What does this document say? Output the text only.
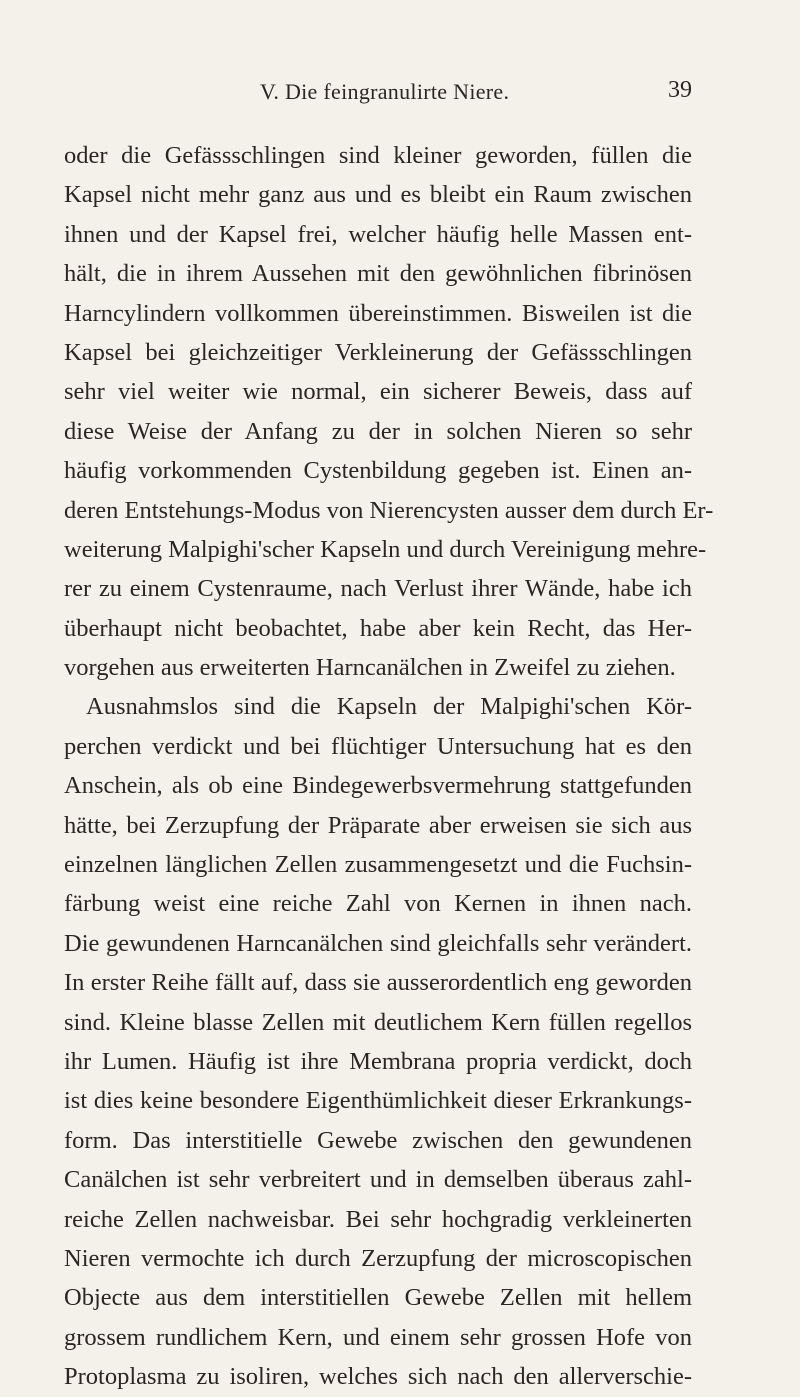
V. Die feingranulirte Niere.	39
oder die Gefässschlingen sind kleiner geworden, füllen die
Kapsel nicht mehr ganz aus und es bleibt ein Raum zwischen
ihnen und der Kapsel frei, welcher häufig helle Massen ent-
hält, die in ihrem Aussehen mit den gewöhnlichen fibrinösen
Harncylindern vollkommen übereinstimmen. Bisweilen ist die
Kapsel bei gleichzeitiger Verkleinerung der Gefässschlingen
sehr viel weiter wie normal, ein sicherer Beweis, dass auf
diese Weise der Anfang zu der in solchen Nieren so sehr
häufig vorkommenden Cystenbildung gegeben ist. Einen an-
deren Entstehungs-Modus von Nierencysten ausser dem durch Er-
weiterung Malpighi'scher Kapseln und durch Vereinigung mehre-
rer zu einem Cystenraume, nach Verlust ihrer Wände, habe ich
überhaupt nicht beobachtet, habe aber kein Recht, das Her-
vorgehen aus erweiterten Harncanälchen in Zweifel zu ziehen.
Ausnahmslos sind die Kapseln der Malpighi'schen Kör-
perchen verdickt und bei flüchtiger Untersuchung hat es den
Anschein, als ob eine Bindegewerbsvermehrung stattgefunden
hätte, bei Zerzupfung der Präparate aber erweisen sie sich aus
einzelnen länglichen Zellen zusammengesetzt und die Fuchsin-
färbung weist eine reiche Zahl von Kernen in ihnen nach.
Die gewundenen Harncanälchen sind gleichfalls sehr verändert.
In erster Reihe fällt auf, dass sie ausserordentlich eng geworden
sind. Kleine blasse Zellen mit deutlichem Kern füllen regellos
ihr Lumen. Häufig ist ihre Membrana propria verdickt, doch
ist dies keine besondere Eigenthümlichkeit dieser Erkrankungs-
form. Das interstitielle Gewebe zwischen den gewundenen
Canälchen ist sehr verbreitert und in demselben überaus zahl-
reiche Zellen nachweisbar. Bei sehr hochgradig verkleinerten
Nieren vermochte ich durch Zerzupfung der microscopischen
Objecte aus dem interstitiellen Gewebe Zellen mit hellem
grossem rundlichem Kern, und einem sehr grossen Hofe von
Protoplasma zu isoliren, welches sich nach den allerverschie-
